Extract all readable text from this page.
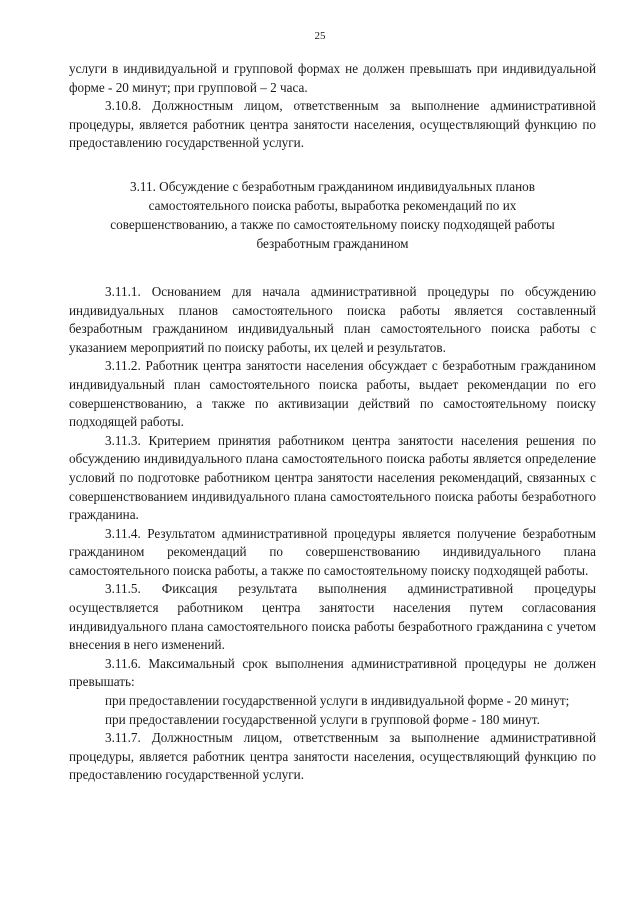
25

услуги в индивидуальной и групповой формах не должен превышать при индивидуальной форме - 20 минут; при групповой – 2 часа.

3.10.8. Должностным лицом, ответственным за выполнение административной процедуры, является работник центра занятости населения, осуществляющий функцию по предоставлению государственной услуги.

3.11. Обсуждение с безработным гражданином индивидуальных планов
самостоятельного поиска работы, выработка рекомендаций по их
совершенствованию, а также по самостоятельному поиску подходящей работы
безработным гражданином

3.11.1. Основанием для начала административной процедуры по обсуждению индивидуальных планов самостоятельного поиска работы является составленный безработным гражданином индивидуальный план самостоятельного поиска работы с указанием мероприятий по поиску работы, их целей и результатов.

3.11.2. Работник центра занятости населения обсуждает с безработным гражданином индивидуальный план самостоятельного поиска работы, выдает рекомендации по его совершенствованию, а также по активизации действий по самостоятельному поиску подходящей работы.

3.11.3. Критерием принятия работником центра занятости населения решения по обсуждению индивидуального плана самостоятельного поиска работы является определение условий по подготовке работником центра занятости населения рекомендаций, связанных с совершенствованием индивидуального плана самостоятельного поиска работы безработного гражданина.

3.11.4. Результатом административной процедуры является получение безработным гражданином рекомендаций по совершенствованию индивидуального плана самостоятельного поиска работы, а также по самостоятельному поиску подходящей работы.

3.11.5. Фиксация результата выполнения административной процедуры осуществляется работником центра занятости населения путем согласования индивидуального плана самостоятельного поиска работы безработного гражданина с учетом внесения в него изменений.

3.11.6. Максимальный срок выполнения административной процедуры не должен превышать:

при предоставлении государственной услуги в индивидуальной форме - 20 минут;

при предоставлении государственной услуги в групповой форме - 180 минут.

3.11.7. Должностным лицом, ответственным за выполнение административной процедуры, является работник центра занятости населения, осуществляющий функцию по предоставлению государственной услуги.
